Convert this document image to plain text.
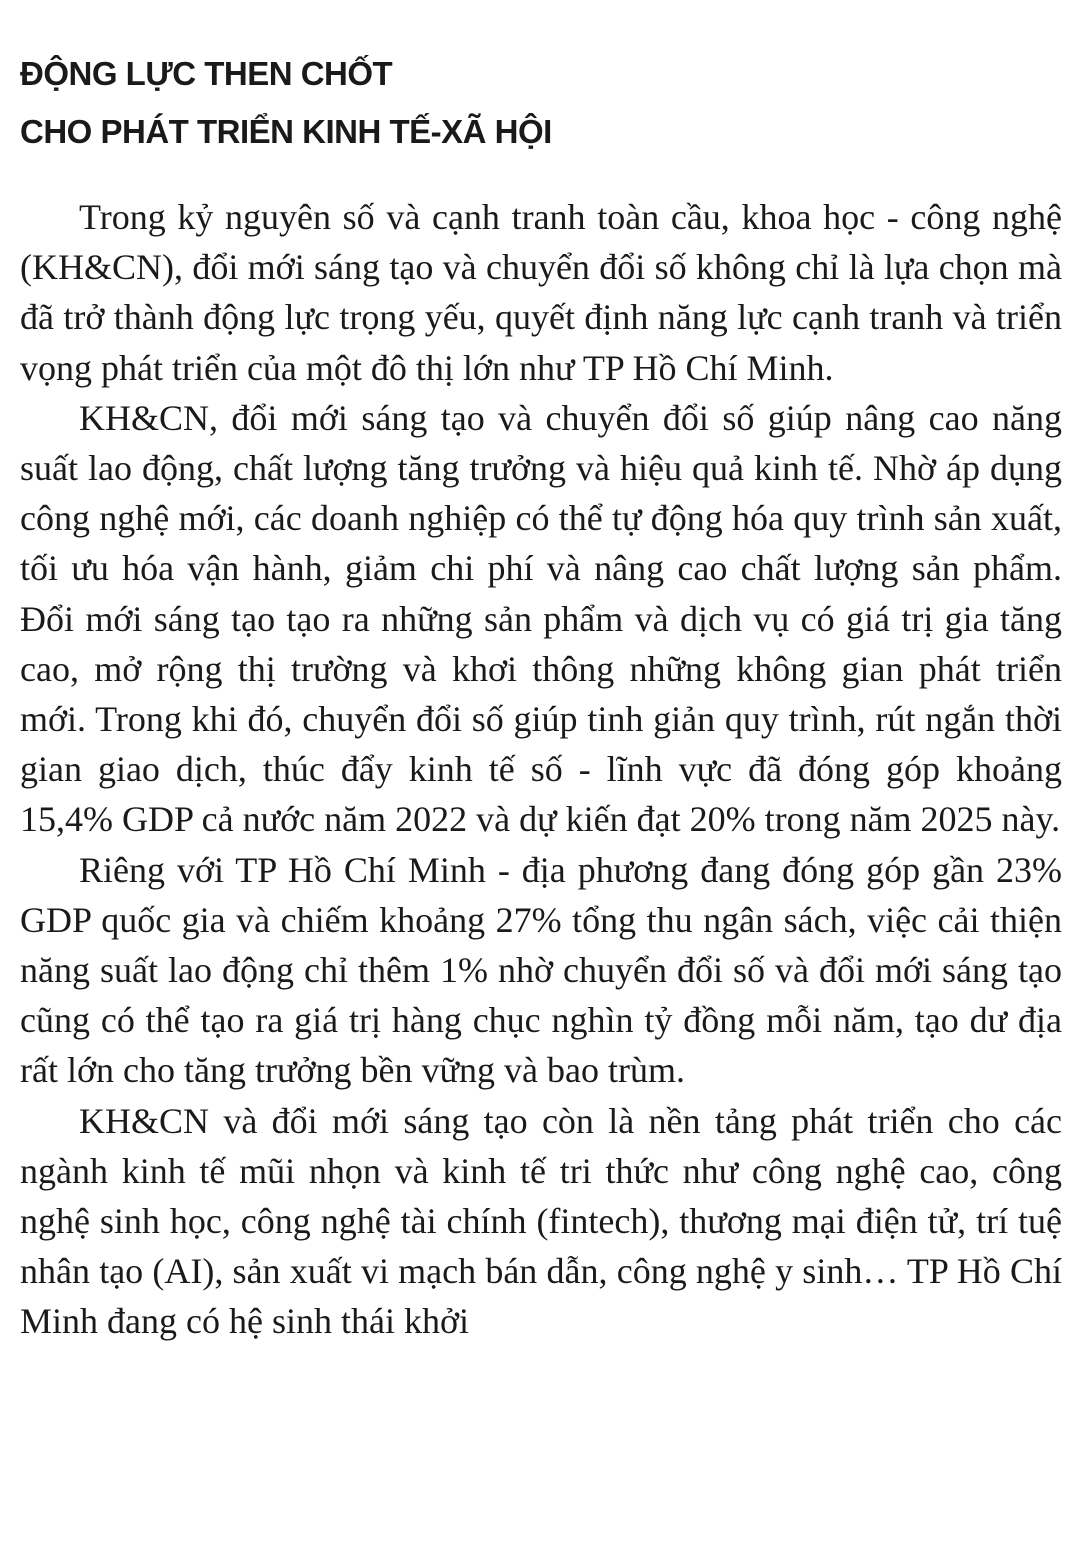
ĐỘNG LỰC THEN CHỐT
CHO PHÁT TRIỂN KINH TẾ-XÃ HỘI

Trong kỷ nguyên số và cạnh tranh toàn cầu, khoa học - công nghệ (KH&CN), đổi mới sáng tạo và chuyển đổi số không chỉ là lựa chọn mà đã trở thành động lực trọng yếu, quyết định năng lực cạnh tranh và triển vọng phát triển của một đô thị lớn như TP Hồ Chí Minh.

KH&CN, đổi mới sáng tạo và chuyển đổi số giúp nâng cao năng suất lao động, chất lượng tăng trưởng và hiệu quả kinh tế. Nhờ áp dụng công nghệ mới, các doanh nghiệp có thể tự động hóa quy trình sản xuất, tối ưu hóa vận hành, giảm chi phí và nâng cao chất lượng sản phẩm. Đổi mới sáng tạo tạo ra những sản phẩm và dịch vụ có giá trị gia tăng cao, mở rộng thị trường và khơi thông những không gian phát triển mới. Trong khi đó, chuyển đổi số giúp tinh giản quy trình, rút ngắn thời gian giao dịch, thúc đẩy kinh tế số - lĩnh vực đã đóng góp khoảng 15,4% GDP cả nước năm 2022 và dự kiến đạt 20% trong năm 2025 này.

Riêng với TP Hồ Chí Minh - địa phương đang đóng góp gần 23% GDP quốc gia và chiếm khoảng 27% tổng thu ngân sách, việc cải thiện năng suất lao động chỉ thêm 1% nhờ chuyển đổi số và đổi mới sáng tạo cũng có thể tạo ra giá trị hàng chục nghìn tỷ đồng mỗi năm, tạo dư địa rất lớn cho tăng trưởng bền vững và bao trùm.

KH&CN và đổi mới sáng tạo còn là nền tảng phát triển cho các ngành kinh tế mũi nhọn và kinh tế tri thức như công nghệ cao, công nghệ sinh học, công nghệ tài chính (fintech), thương mại điện tử, trí tuệ nhân tạo (AI), sản xuất vi mạch bán dẫn, công nghệ y sinh… TP Hồ Chí Minh đang có hệ sinh thái khởi
